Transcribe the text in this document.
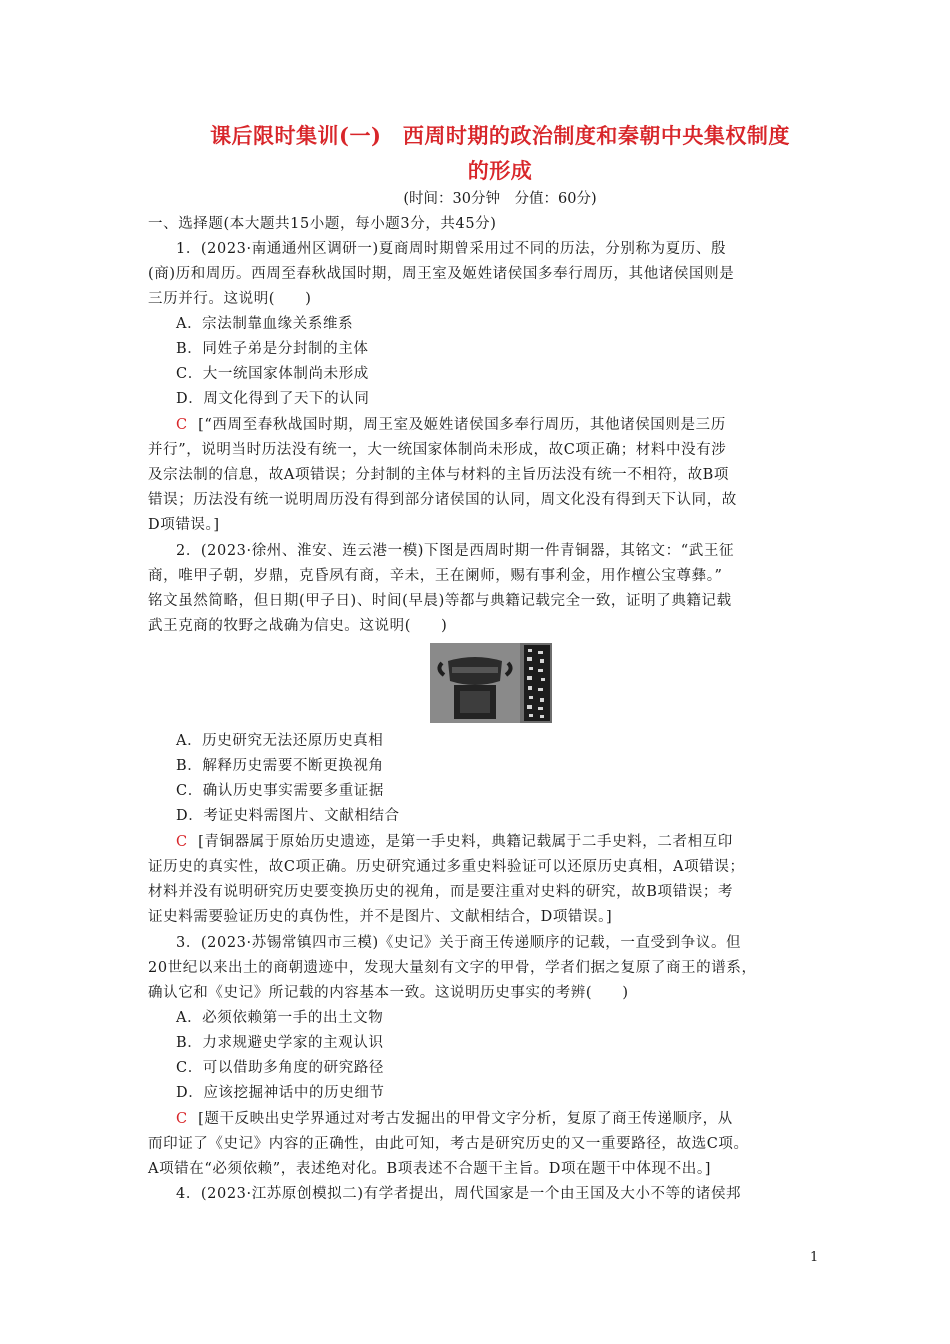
课后限时集训(一)　西周时期的政治制度和秦朝中央集权制度
的形成
(时间：30分钟　分值：60分)
一、选择题(本大题共15小题，每小题3分，共45分)
1．(2023·南通通州区调研一)夏商周时期曾采用过不同的历法，分别称为夏历、殷
(商)历和周历。西周至春秋战国时期，周王室及姬姓诸侯国多奉行周历，其他诸侯国则是
三历并行。这说明(　　)
A．宗法制靠血缘关系维系
B．同姓子弟是分封制的主体
C．大一统国家体制尚未形成
D．周文化得到了天下的认同
C [“西周至春秋战国时期，周王室及姬姓诸侯国多奉行周历，其他诸侯国则是三历
并行”，说明当时历法没有统一，大一统国家体制尚未形成，故C项正确；材料中没有涉
及宗法制的信息，故A项错误；分封制的主体与材料的主旨历法没有统一不相符，故B项
错误；历法没有统一说明周历没有得到部分诸侯国的认同，周文化没有得到天下认同，故
D项错误。]
2．(2023·徐州、淮安、连云港一模)下图是西周时期一件青铜器，其铭文：“武王征
商，唯甲子朝，岁鼎，克昏夙有商，辛未，王在阑师，赐有事利金，用作檀公宝尊彝。”
铭文虽然简略，但日期(甲子日)、时间(早晨)等都与典籍记载完全一致，证明了典籍记载
武王克商的牧野之战确为信史。这说明(　　)
A．历史研究无法还原历史真相
B．解释历史需要不断更换视角
C．确认历史事实需要多重证据
D．考证史料需图片、文献相结合
C [青铜器属于原始历史遗迹，是第一手史料，典籍记载属于二手史料，二者相互印
证历史的真实性，故C项正确。历史研究通过多重史料验证可以还原历史真相，A项错误；
材料并没有说明研究历史要变换历史的视角，而是要注重对史料的研究，故B项错误；考
证史料需要验证历史的真伪性，并不是图片、文献相结合，D项错误。]
3．(2023·苏锡常镇四市三模)《史记》关于商王传递顺序的记载，一直受到争议。但
20世纪以来出土的商朝遗迹中，发现大量刻有文字的甲骨，学者们据之复原了商王的谱系，
确认它和《史记》所记载的内容基本一致。这说明历史事实的考辨(　　)
A．必须依赖第一手的出土文物
B．力求规避史学家的主观认识
C．可以借助多角度的研究路径
D．应该挖掘神话中的历史细节
C [题干反映出史学界通过对考古发掘出的甲骨文字分析，复原了商王传递顺序，从
而印证了《史记》内容的正确性，由此可知，考古是研究历史的又一重要路径，故选C项。
A项错在“必须依赖”，表述绝对化。B项表述不合题干主旨。D项在题干中体现不出。]
4．(2023·江苏原创模拟二)有学者提出，周代国家是一个由王国及大小不等的诸侯邦
1
